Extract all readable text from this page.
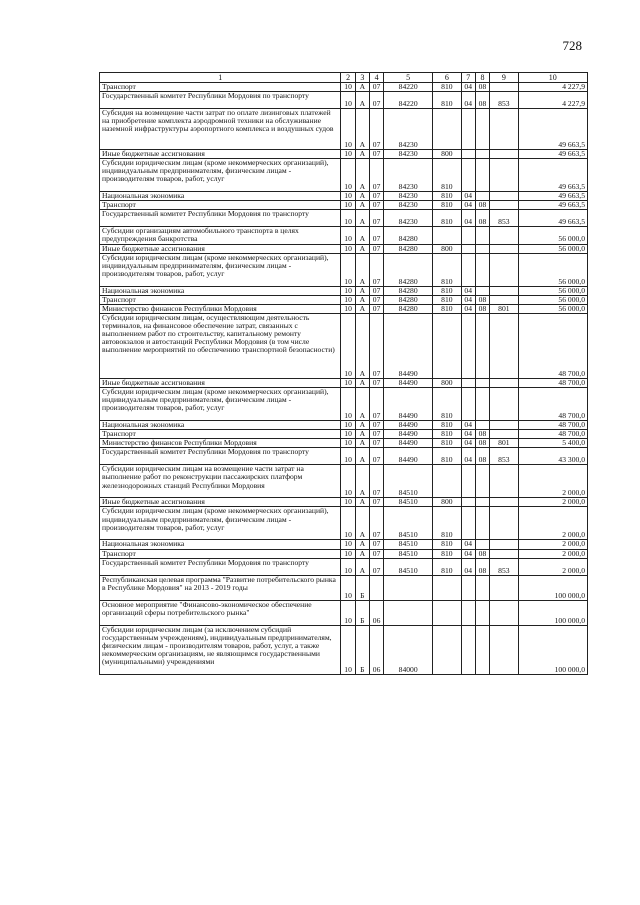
728
1	2	3	4	5	6	7	8	9	10
Транспорт	10	А	07	84220	810	04	08		4 227,9
Государственный комитет Республики Мордовия по транспорту	10	А	07	84220	810	04	08	853	4 227,9
Субсидия на возмещение части затрат по оплате лизинговых платежей на приобретение комплекта аэродромной техники на обслуживание наземной инфраструктуры аэропортного комплекса и воздушных судов	10	А	07	84230					49 663,5
Иные бюджетные ассигнования	10	А	07	84230	800				49 663,5
Субсидии юридическим лицам (кроме некоммерческих организаций), индивидуальным предпринимателям, физическим лицам - производителям товаров, работ, услуг	10	А	07	84230	810				49 663,5
Национальная экономика	10	А	07	84230	810	04			49 663,5
Транспорт	10	А	07	84230	810	04	08		49 663,5
Государственный комитет Республики Мордовия по транспорту	10	А	07	84230	810	04	08	853	49 663,5
Субсидии организациям автомобильного транспорта в целях предупреждения банкротства	10	А	07	84280					56 000,0
Иные бюджетные ассигнования	10	А	07	84280	800				56 000,0
Субсидии юридическим лицам (кроме некоммерческих организаций), индивидуальным предпринимателям, физическим лицам - производителям товаров, работ, услуг	10	А	07	84280	810				56 000,0
Национальная экономика	10	А	07	84280	810	04			56 000,0
Транспорт	10	А	07	84280	810	04	08		56 000,0
Министерство финансов Республики Мордовия	10	А	07	84280	810	04	08	801	56 000,0
Субсидии юридическим лицам, осуществляющим деятельность терминалов, на финансовое обеспечение затрат, связанных с выполнением работ по строительству, капитальному ремонту автовокзалов и автостанций Республики Мордовия (в том числе выполнение мероприятий по обеспечению транспортной безопасности)	10	А	07	84490					48 700,0
Иные бюджетные ассигнования	10	А	07	84490	800				48 700,0
Субсидии юридическим лицам (кроме некоммерческих организаций), индивидуальным предпринимателям, физическим лицам - производителям товаров, работ, услуг	10	А	07	84490	810				48 700,0
Национальная экономика	10	А	07	84490	810	04			48 700,0
Транспорт	10	А	07	84490	810	04	08		48 700,0
Министерство финансов Республики Мордовия	10	А	07	84490	810	04	08	801	5 400,0
Государственный комитет Республики Мордовия по транспорту	10	А	07	84490	810	04	08	853	43 300,0
Субсидии юридическим лицам на возмещение части затрат на выполнение работ по реконструкции пассажирских платформ железнодорожных станций Республики Мордовия	10	А	07	84510					2 000,0
Иные бюджетные ассигнования	10	А	07	84510	800				2 000,0
Субсидии юридическим лицам (кроме некоммерческих организаций), индивидуальным предпринимателям, физическим лицам - производителям товаров, работ, услуг	10	А	07	84510	810				2 000,0
Национальная экономика	10	А	07	84510	810	04			2 000,0
Транспорт	10	А	07	84510	810	04	08		2 000,0
Государственный комитет Республики Мордовия по транспорту	10	А	07	84510	810	04	08	853	2 000,0
Республиканская целевая программа "Развитие потребительского рынка в Республике Мордовия" на 2013 - 2019 годы	10	Б							100 000,0
Основное мероприятие "Финансово-экономическое обеспечение организаций сферы потребительского рынка"	10	Б	06						100 000,0
Субсидии юридическим лицам (за исключением субсидий государственным учреждениям), индивидуальным предпринимателям, физическим лицам - производителям товаров, работ, услуг, а также некоммерческим организациям, не являющимся государственными (муниципальными) учреждениями	10	Б	06	84000					100 000,0
